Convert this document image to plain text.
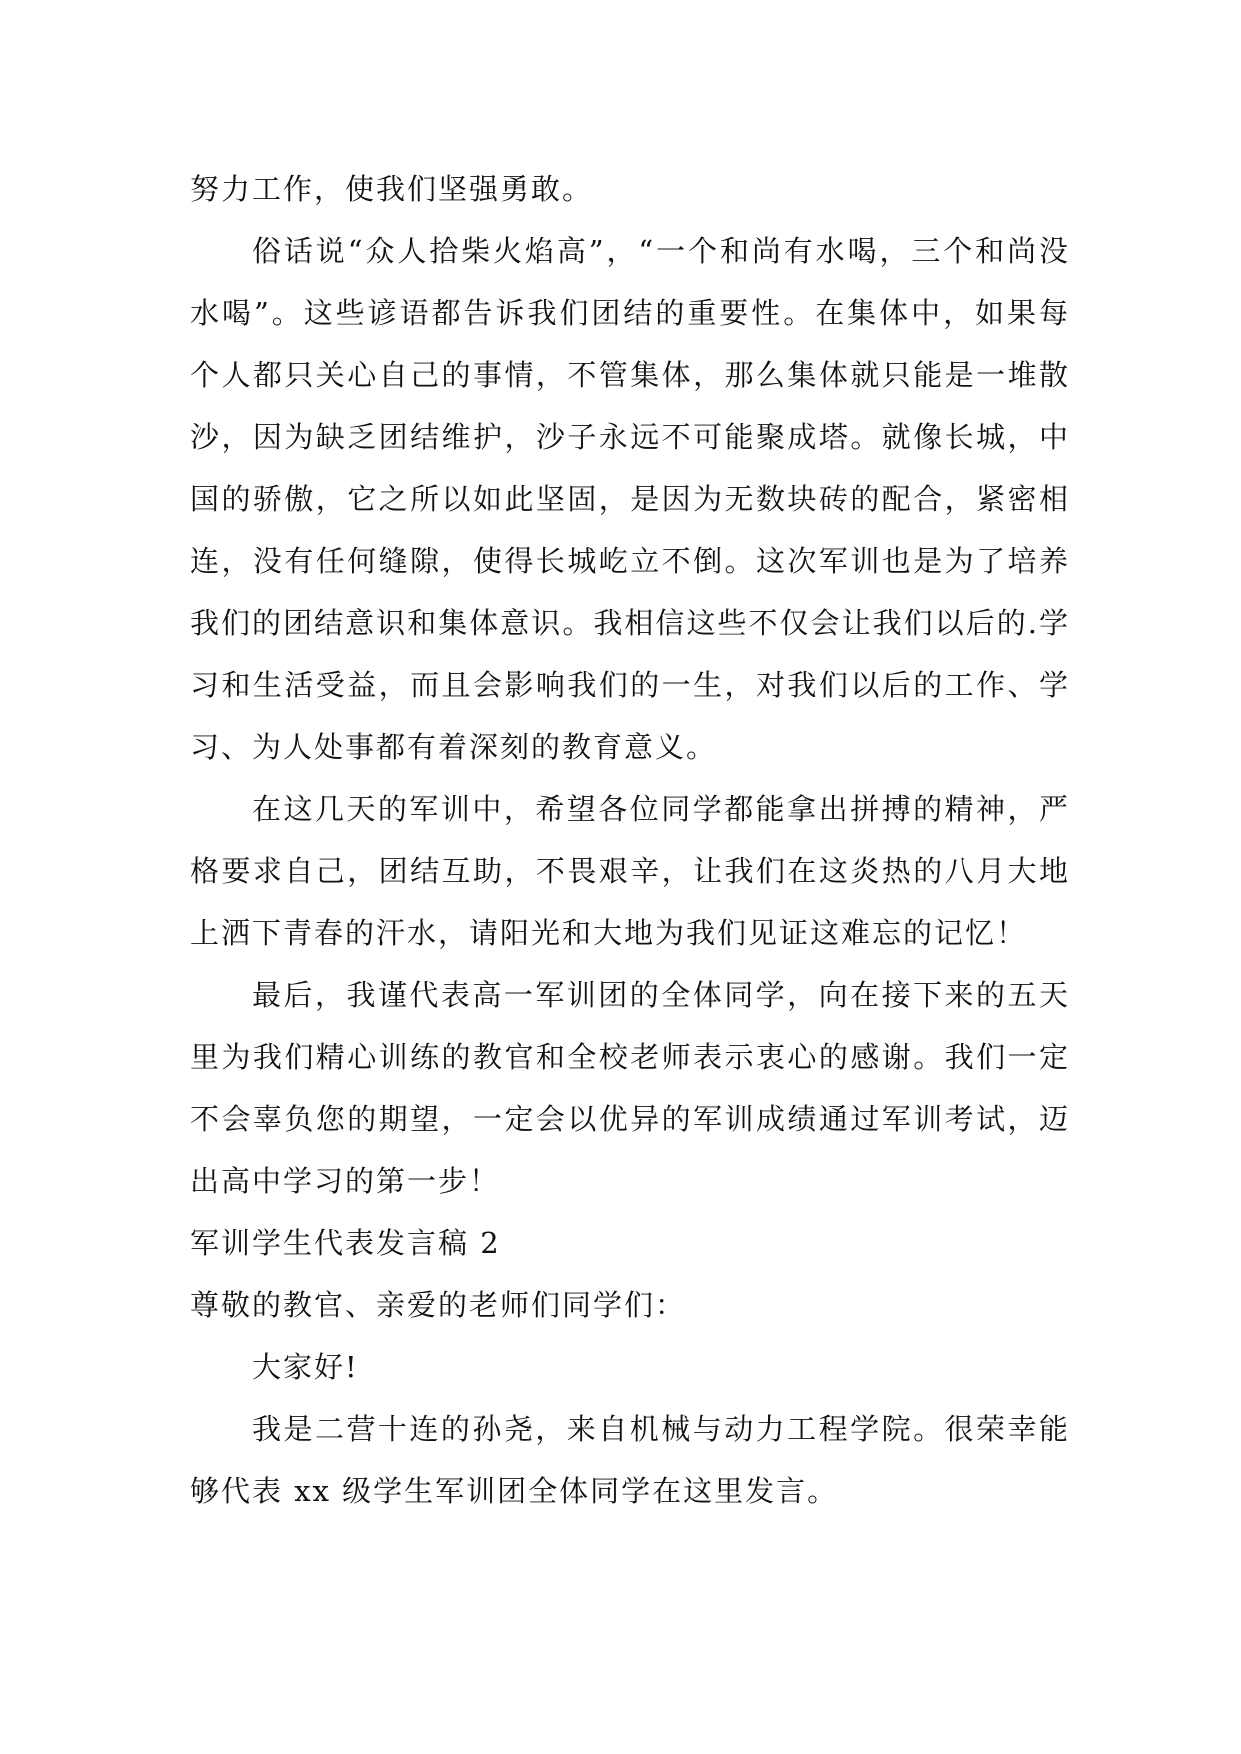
努力工作，使我们坚强勇敢。

俗话说“众人拾柴火焰高”，“一个和尚有水喝，三个和尚没水喝”。这些谚语都告诉我们团结的重要性。在集体中，如果每个人都只关心自己的事情，不管集体，那么集体就只能是一堆散沙，因为缺乏团结维护，沙子永远不可能聚成塔。就像长城，中国的骄傲，它之所以如此坚固，是因为无数块砖的配合，紧密相连，没有任何缝隙，使得长城屹立不倒。这次军训也是为了培养我们的团结意识和集体意识。我相信这些不仅会让我们以后的.学习和生活受益，而且会影响我们的一生，对我们以后的工作、学习、为人处事都有着深刻的教育意义。

在这几天的军训中，希望各位同学都能拿出拼搏的精神，严格要求自己，团结互助，不畏艰辛，让我们在这炎热的八月大地上洒下青春的汗水，请阳光和大地为我们见证这难忘的记忆！

最后，我谨代表高一军训团的全体同学，向在接下来的五天里为我们精心训练的教官和全校老师表示衷心的感谢。我们一定不会辜负您的期望，一定会以优异的军训成绩通过军训考试，迈出高中学习的第一步！

军训学生代表发言稿 2

尊敬的教官、亲爱的老师们同学们：

大家好!

我是二营十连的孙尧，来自机械与动力工程学院。很荣幸能够代表 xx 级学生军训团全体同学在这里发言。
